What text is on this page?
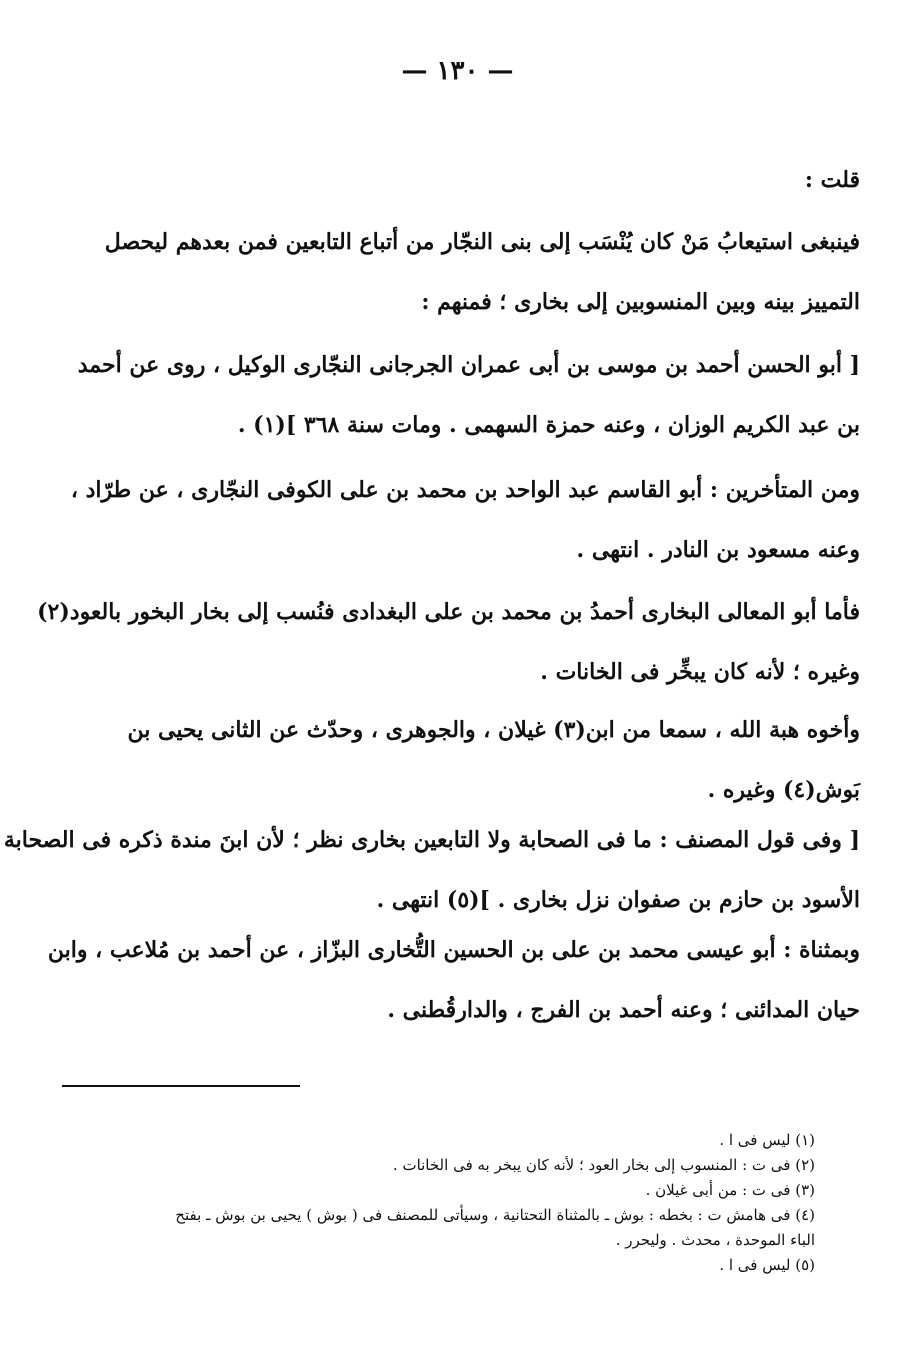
— ١٣٠ —
قلت :
فينبغى استيعابُ مَنْ كان يُنْسَب إلى بنى النجّار من أتباع التابعين فمن بعدهم ليحصل
التمييز بينه وبين المنسوبين إلى بخارى ؛ فمنهم :
[ أبو الحسن أحمد بن موسى بن أبى عمران الجرجانى النجّارى الوكيل ، روى عن أحمد
بن عبد الكريم الوزان ، وعنه حمزة السهمى . ومات سنة ٣٦٨ ](١) .
ومن المتأخرين : أبو القاسم عبد الواحد بن محمد بن على الكوفى النجّارى ، عن طرّاد ،
وعنه مسعود بن النادر . انتهى .
فأما أبو المعالى البخارى أحمدُ بن محمد بن على البغدادى فنُسب إلى بخار البخور بالعود(٢)
وغيره ؛ لأنه كان يبخِّر فى الخانات .
وأخوه هبة الله ، سمعا من ابن(٣) غيلان ، والجوهرى ، وحدّث عن الثانى يحيى بن
بَوش(٤) وغيره .
[ وفى قول المصنف : ما فى الصحابة ولا التابعين بخارى نظر ؛ لأن ابنَ مندة ذكره فى الصحابة
الأسود بن حازم بن صفوان نزل بخارى . ](٥) انتهى .
وبمثناة : أبو عيسى محمد بن على بن الحسين التُّخارى البزّاز ، عن أحمد بن مُلاعب ، وابن
حيان المدائنى ؛ وعنه أحمد بن الفرج ، والدارقُطنى .
(١) ليس فى ا .
(٢) فى ت : المنسوب إلى بخار العود ؛ لأنه كان يبخر به فى الخانات .
(٣) فى ت : من أبى غيلان .
(٤) فى هامش ت : بخطه : بوش ـ بالمثناة التحتانية ، وسيأتى للمصنف فى ( بوش ) يحيى بن بوش ـ بفتح
الباء الموحدة ، محدث . وليحرر .
(٥) ليس فى ا .
